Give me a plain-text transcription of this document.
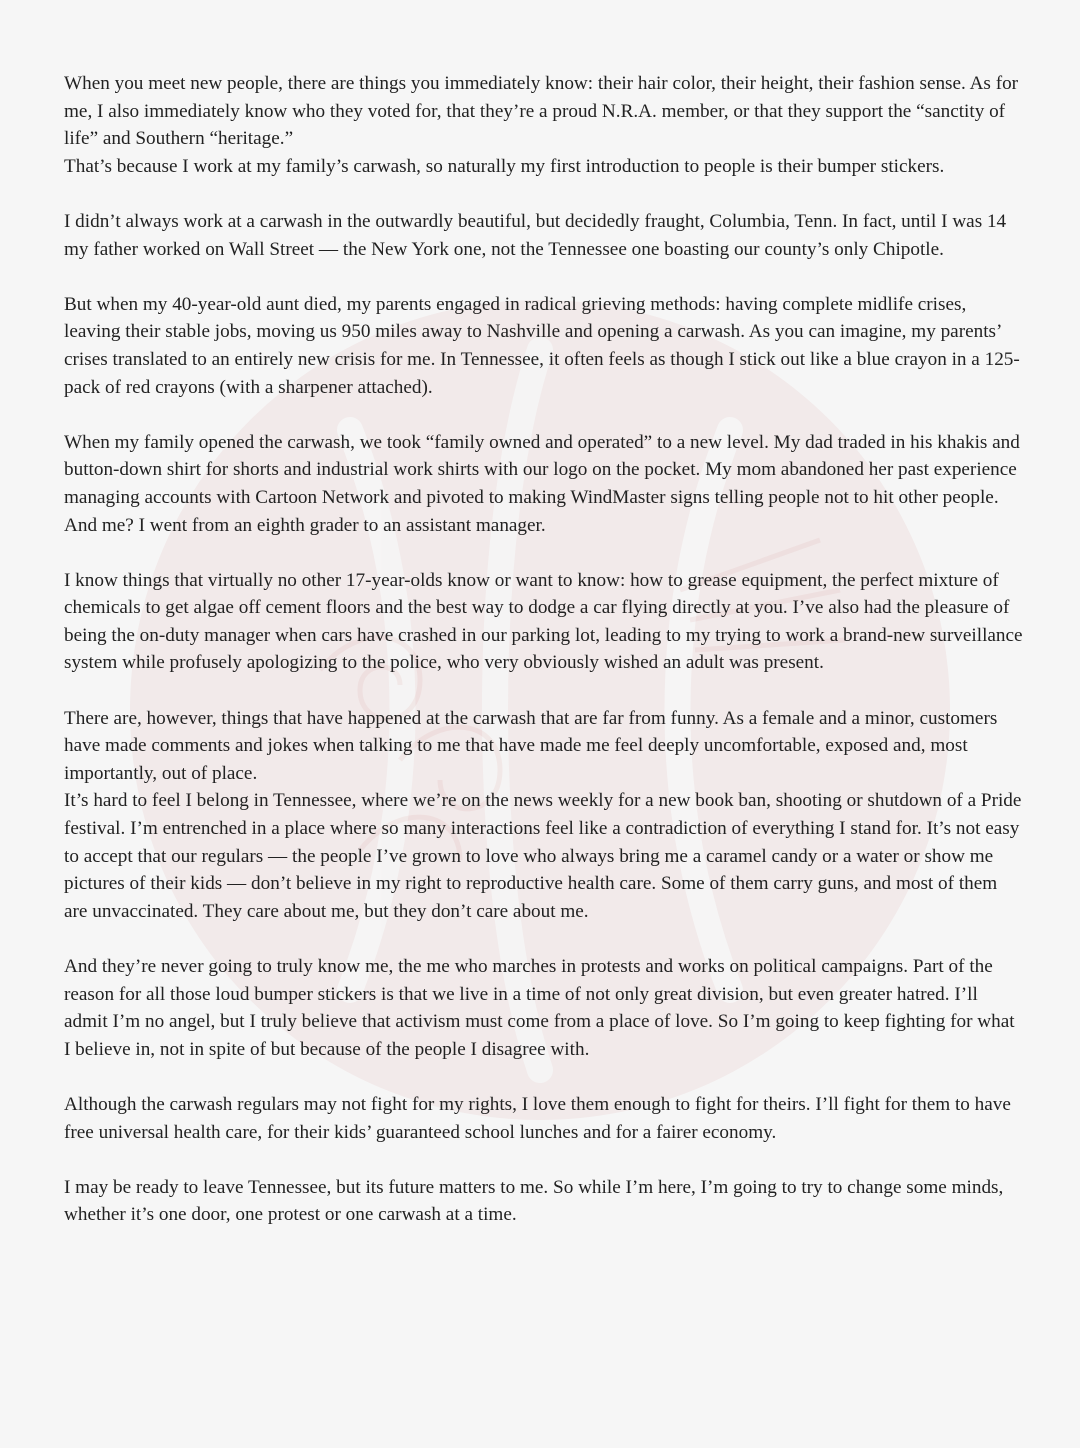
When you meet new people, there are things you immediately know: their hair color, their height, their fashion sense. As for me, I also immediately know who they voted for, that they’re a proud N.R.A. member, or that they support the “sanctity of life” and Southern “heritage.”

That’s because I work at my family’s carwash, so naturally my first introduction to people is their bumper stickers.

I didn’t always work at a carwash in the outwardly beautiful, but decidedly fraught, Columbia, Tenn. In fact, until I was 14 my father worked on Wall Street — the New York one, not the Tennessee one boasting our county’s only Chipotle.

But when my 40-year-old aunt died, my parents engaged in radical grieving methods: having complete midlife crises, leaving their stable jobs, moving us 950 miles away to Nashville and opening a carwash. As you can imagine, my parents’ crises translated to an entirely new crisis for me. In Tennessee, it often feels as though I stick out like a blue crayon in a 125-pack of red crayons (with a sharpener attached).

When my family opened the carwash, we took “family owned and operated” to a new level. My dad traded in his khakis and button-down shirt for shorts and industrial work shirts with our logo on the pocket. My mom abandoned her past experience managing accounts with Cartoon Network and pivoted to making WindMaster signs telling people not to hit other people.

And me? I went from an eighth grader to an assistant manager.

I know things that virtually no other 17-year-olds know or want to know: how to grease equipment, the perfect mixture of chemicals to get algae off cement floors and the best way to dodge a car flying directly at you. I’ve also had the pleasure of being the on-duty manager when cars have crashed in our parking lot, leading to my trying to work a brand-new surveillance system while profusely apologizing to the police, who very obviously wished an adult was present.

There are, however, things that have happened at the carwash that are far from funny. As a female and a minor, customers have made comments and jokes when talking to me that have made me feel deeply uncomfortable, exposed and, most importantly, out of place.

It’s hard to feel I belong in Tennessee, where we’re on the news weekly for a new book ban, shooting or shutdown of a Pride festival. I’m entrenched in a place where so many interactions feel like a contradiction of everything I stand for. It’s not easy to accept that our regulars — the people I’ve grown to love who always bring me a caramel candy or a water or show me pictures of their kids — don’t believe in my right to reproductive health care. Some of them carry guns, and most of them are unvaccinated. They care about me, but they don’t care about me.

And they’re never going to truly know me, the me who marches in protests and works on political campaigns. Part of the reason for all those loud bumper stickers is that we live in a time of not only great division, but even greater hatred. I’ll admit I’m no angel, but I truly believe that activism must come from a place of love. So I’m going to keep fighting for what I believe in, not in spite of but because of the people I disagree with.

Although the carwash regulars may not fight for my rights, I love them enough to fight for theirs. I’ll fight for them to have free universal health care, for their kids’ guaranteed school lunches and for a fairer economy.

I may be ready to leave Tennessee, but its future matters to me. So while I’m here, I’m going to try to change some minds, whether it’s one door, one protest or one carwash at a time.
